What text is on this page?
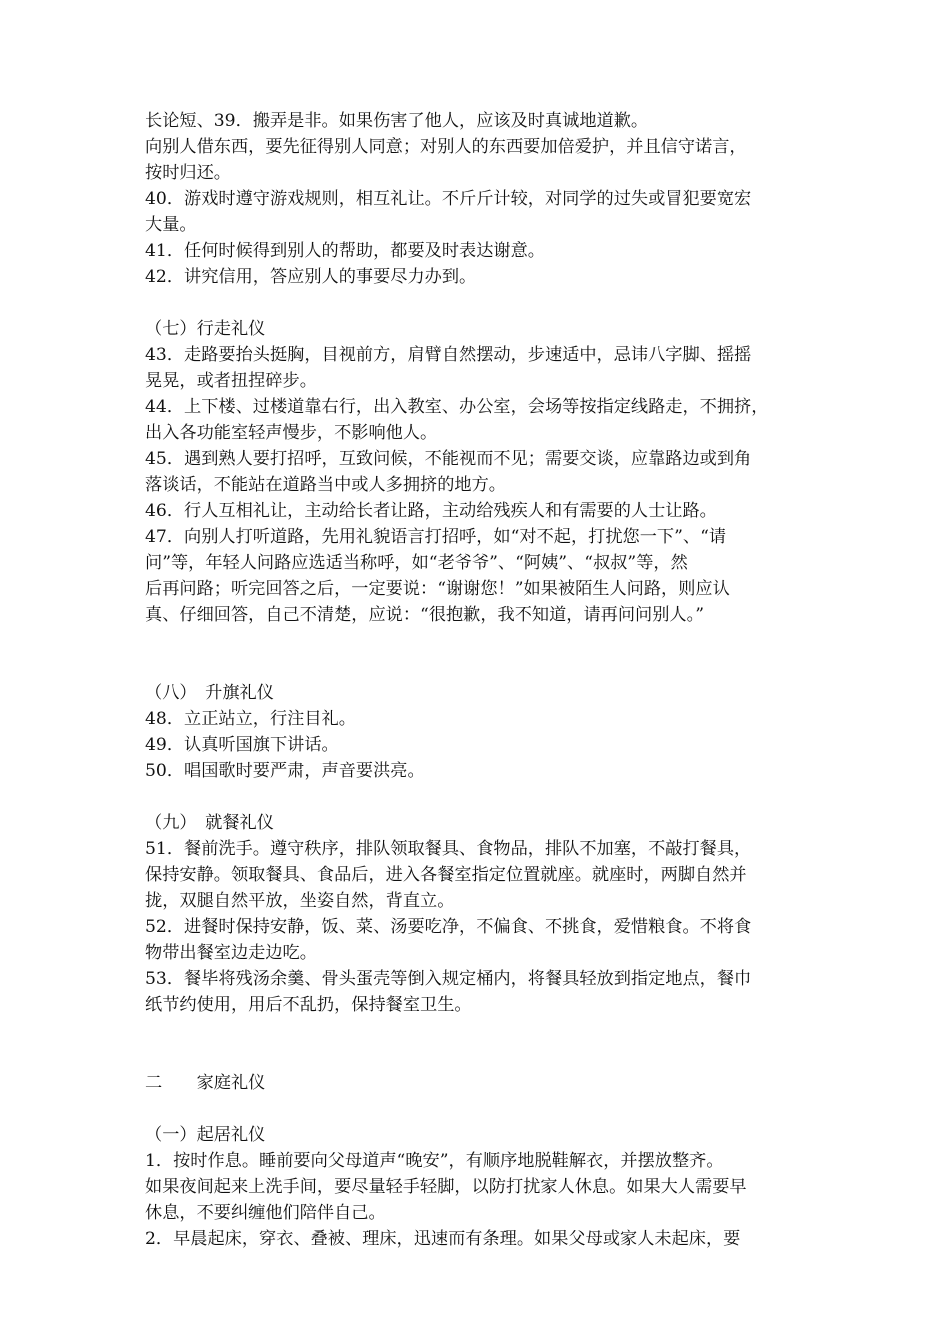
长论短、39．搬弄是非。如果伤害了他人，应该及时真诚地道歉。
向别人借东西，要先征得别人同意；对别人的东西要加倍爱护，并且信守诺言，
按时归还。
40．游戏时遵守游戏规则，相互礼让。不斤斤计较，对同学的过失或冒犯要宽宏
大量。
41．任何时候得到别人的帮助，都要及时表达谢意。
42．讲究信用，答应别人的事要尽力办到。
（七）行走礼仪
43．走路要抬头挺胸，目视前方，肩臂自然摆动，步速适中，忌讳八字脚、摇摇
晃晃，或者扭捏碎步。
44．上下楼、过楼道靠右行，出入教室、办公室，会场等按指定线路走，不拥挤，
出入各功能室轻声慢步，不影响他人。
45．遇到熟人要打招呼，互致问候，不能视而不见；需要交谈，应靠路边或到角
落谈话，不能站在道路当中或人多拥挤的地方。
46．行人互相礼让，主动给长者让路，主动给残疾人和有需要的人士让路。
47．向别人打听道路，先用礼貌语言打招呼，如“对不起，打扰您一下”、“请
问”等，年轻人问路应选适当称呼，如“老爷爷”、“阿姨”、“叔叔”等，然
后再问路；听完回答之后，一定要说：“谢谢您！”如果被陌生人问路，则应认
真、仔细回答，自己不清楚，应说：“很抱歉，我不知道，请再问问别人。”
（八）　升旗礼仪
48．立正站立，行注目礼。
49．认真听国旗下讲话。
50．唱国歌时要严肃，声音要洪亮。
（九）　就餐礼仪
51．餐前洗手。遵守秩序，排队领取餐具、食物品，排队不加塞，不敲打餐具，
保持安静。领取餐具、食品后，进入各餐室指定位置就座。就座时，两脚自然并
拢，双腿自然平放，坐姿自然，背直立。
52．进餐时保持安静，饭、菜、汤要吃净，不偏食、不挑食，爱惜粮食。不将食
物带出餐室边走边吃。
53．餐毕将残汤余羹、骨头蛋壳等倒入规定桶内，将餐具轻放到指定地点，餐巾
纸节约使用，用后不乱扔，保持餐室卫生。
二　　家庭礼仪
（一）起居礼仪
1．按时作息。睡前要向父母道声“晚安”，有顺序地脱鞋解衣，并摆放整齐。
如果夜间起来上洗手间，要尽量轻手轻脚，以防打扰家人休息。如果大人需要早
休息，不要纠缠他们陪伴自己。
2．早晨起床，穿衣、叠被、理床，迅速而有条理。如果父母或家人未起床，要
